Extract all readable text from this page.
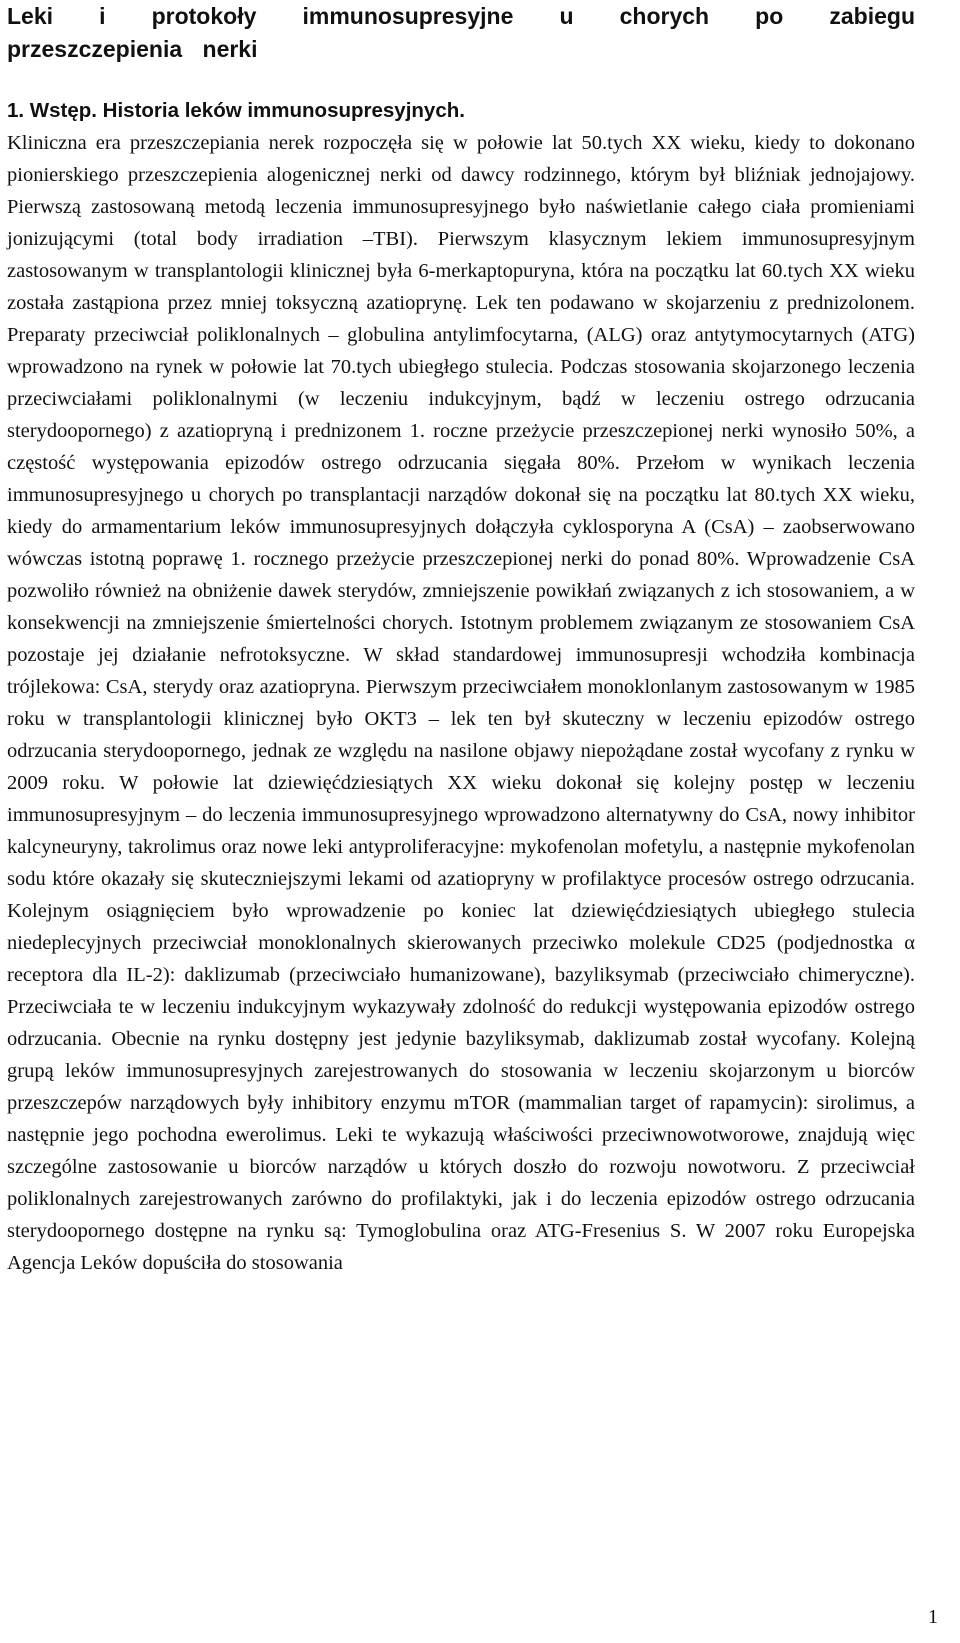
Leki i protokoły immunosupresyjne u chorych po zabiegu przeszczepienia nerki
1. Wstęp. Historia leków immunosupresyjnych.

Kliniczna era przeszczepiania nerek rozpoczęła się w połowie lat 50.tych XX wieku, kiedy to dokonano pionierskiego przeszczepienia alogenicznej nerki od dawcy rodzinnego, którym był bliźniak jednojajowy. Pierwszą zastosowaną metodą leczenia immunosupresyjnego było naświetlanie całego ciała promieniami jonizującymi (total body irradiation –TBI). Pierwszym klasycznym lekiem immunosupresyjnym zastosowanym w transplantologii klinicznej była 6-merkaptopuryna, która na początku lat 60.tych XX wieku została zastąpiona przez mniej toksyczną azatioprynę. Lek ten podawano w skojarzeniu z prednizolonem. Preparaty przeciwciał poliklonalnych – globulina antylimfocytarna, (ALG) oraz antytymocytarnych (ATG) wprowadzono na rynek w połowie lat 70.tych ubiegłego stulecia. Podczas stosowania skojarzonego leczenia przeciwciałami poliklonalnymi (w leczeniu indukcyjnym, bądź w leczeniu ostrego odrzucania sterydoopornego) z azatiopryną i prednizonem 1. roczne przeżycie przeszczepionej nerki wynosiło 50%, a częstość występowania epizodów ostrego odrzucania sięgała 80%. Przełom w wynikach leczenia immunosupresyjnego u chorych po transplantacji narządów dokonał się na początku lat 80.tych XX wieku, kiedy do armamentarium leków immunosupresyjnych dołączyła cyklosporyna A (CsA) – zaobserwowano wówczas istotną poprawę 1. rocznego przeżycie przeszczepionej nerki do ponad 80%. Wprowadzenie CsA pozwoliło również na obniżenie dawek sterydów, zmniejszenie powikłań związanych z ich stosowaniem, a w konsekwencji na zmniejszenie śmiertelności chorych. Istotnym problemem związanym ze stosowaniem CsA pozostaje jej działanie nefrotoksyczne. W skład standardowej immunosupresji wchodziła kombinacja trójlekowa: CsA, sterydy oraz azatiopryna. Pierwszym przeciwciałem monoklonlanym zastosowanym w 1985 roku w transplantologii klinicznej było OKT3 – lek ten był skuteczny w leczeniu epizodów ostrego odrzucania sterydoopornego, jednak ze względu na nasilone objawy niepożądane został wycofany z rynku w 2009 roku. W połowie lat dziewięćdziesiątych XX wieku dokonał się kolejny postęp w leczeniu immunosupresyjnym – do leczenia immunosupresyjnego wprowadzono alternatywny do CsA, nowy inhibitor kalcyneuryny, takrolimus oraz nowe leki antyproliferacyjne: mykofenolan mofetylu, a następnie mykofenolan sodu które okazały się skuteczniejszymi lekami od azatiopryny w profilaktyce procesów ostrego odrzucania. Kolejnym osiągnięciem było wprowadzenie po koniec lat dziewięćdziesiątych ubiegłego stulecia niedeplecyjnych przeciwciał monoklonalnych skierowanych przeciwko molekule CD25 (podjednostka α receptora dla IL-2): daklizumab (przeciwciało humanizowane), bazyliksymab (przeciwciało chimeryczne). Przeciwciała te w leczeniu indukcyjnym wykazywały zdolność do redukcji występowania epizodów ostrego odrzucania. Obecnie na rynku dostępny jest jedynie bazyliksymab, daklizumab został wycofany. Kolejną grupą leków immunosupresyjnych zarejestrowanych do stosowania w leczeniu skojarzonym u biorców przeszczepów narządowych były inhibitory enzymu mTOR (mammalian target of rapamycin): sirolimus, a następnie jego pochodna ewerolimus. Leki te wykazują właściwości przeciwnowotworowe, znajdują więc szczególne zastosowanie u biorców narządów u których doszło do rozwoju nowotworu. Z przeciwciał poliklonalnych zarejestrowanych zarówno do profilaktyki, jak i do leczenia epizodów ostrego odrzucania sterydoopornego dostępne na rynku są: Tymoglobulina oraz ATG-Fresenius S. W 2007 roku Europejska Agencja Leków dopuściła do stosowania

1
